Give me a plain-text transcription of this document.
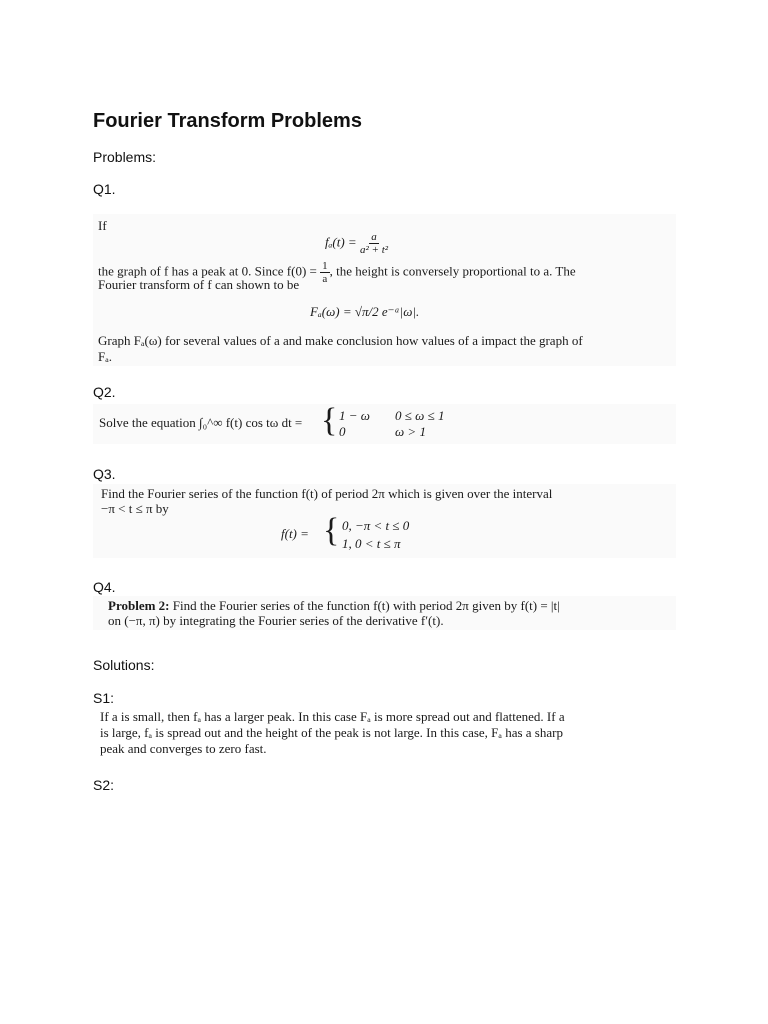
Fourier Transform Problems
Problems:
Q1.
If
$f_a(t) = \frac{a}{\text{a² + t²}}$
the graph of f has a peak at 0. Since $f(0) = \frac{1}{a}$ , the height is conversely proportional to a. The
Fourier transform of f can shown to be
Fₐ(ω) = √π/2 e⁻ᵃ|ω|.
Graph Fₐ(ω) for several values of a and make conclusion how values of a impact the graph of
Fₐ.
Q2.
Solve the equation ∫₀^∞ f(t) cos tω dt = { 1 − ω 0 ≤ ω ≤ 1
0	ω > 1
Q3.
Find the Fourier series of the function f(t) of period 2π which is given over the interval
−π < t ≤ π by
f(t) = { 0, −π < t ≤ 0
1, 0 < t ≤ π
Q4.
Problem 2: Find the Fourier series of the function f(t) with period 2π given by f(t) = |t|
on (−π, π) by integrating the Fourier series of the derivative f′(t).
Solutions:
S1:
If a is small, then fₐ has a larger peak. In this case Fₐ is more spread out and flattened. If a
is large, fₐ is spread out and the height of the peak is not large. In this case, Fₐ has a sharp
peak and converges to zero fast.
S2:
